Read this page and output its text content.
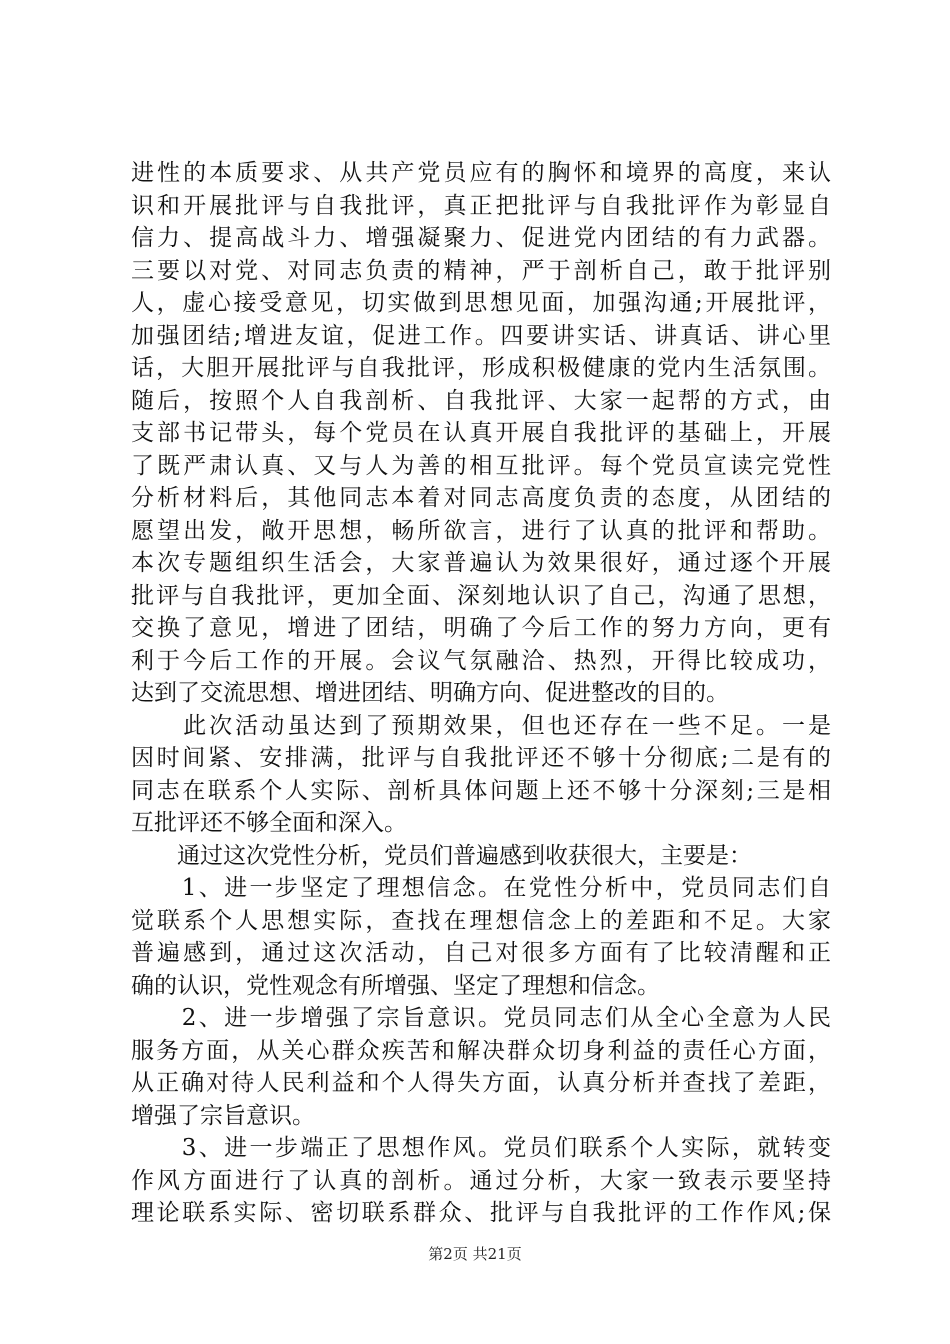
进性的本质要求、从共产党员应有的胸怀和境界的高度，来认
识和开展批评与自我批评，真正把批评与自我批评作为彰显自
信力、提高战斗力、增强凝聚力、促进党内团结的有力武器。
三要以对党、对同志负责的精神，严于剖析自己，敢于批评别
人，虚心接受意见，切实做到思想见面，加强沟通;开展批评，
加强团结;增进友谊，促进工作。四要讲实话、讲真话、讲心里
话，大胆开展批评与自我批评，形成积极健康的党内生活氛围。
随后，按照个人自我剖析、自我批评、大家一起帮的方式，由
支部书记带头，每个党员在认真开展自我批评的基础上，开展
了既严肃认真、又与人为善的相互批评。每个党员宣读完党性
分析材料后，其他同志本着对同志高度负责的态度，从团结的
愿望出发，敞开思想，畅所欲言，进行了认真的批评和帮助。
本次专题组织生活会，大家普遍认为效果很好，通过逐个开展
批评与自我批评，更加全面、深刻地认识了自己，沟通了思想，
交换了意见，增进了团结，明确了今后工作的努力方向，更有
利于今后工作的开展。会议气氛融洽、热烈，开得比较成功，
达到了交流思想、增进团结、明确方向、促进整改的目的。
　　此次活动虽达到了预期效果，但也还存在一些不足。一是
因时间紧、安排满，批评与自我批评还不够十分彻底;二是有的
同志在联系个人实际、剖析具体问题上还不够十分深刻;三是相
互批评还不够全面和深入。
　　通过这次党性分析，党员们普遍感到收获很大，主要是：
　　1、进一步坚定了理想信念。在党性分析中，党员同志们自
觉联系个人思想实际，查找在理想信念上的差距和不足。大家
普遍感到，通过这次活动，自己对很多方面有了比较清醒和正
确的认识，党性观念有所增强、坚定了理想和信念。
　　2、进一步增强了宗旨意识。党员同志们从全心全意为人民
服务方面，从关心群众疾苦和解决群众切身利益的责任心方面，
从正确对待人民利益和个人得失方面，认真分析并查找了差距，
增强了宗旨意识。
　　3、进一步端正了思想作风。党员们联系个人实际，就转变
作风方面进行了认真的剖析。通过分析，大家一致表示要坚持
理论联系实际、密切联系群众、批评与自我批评的工作作风;保
第2页 共21页
